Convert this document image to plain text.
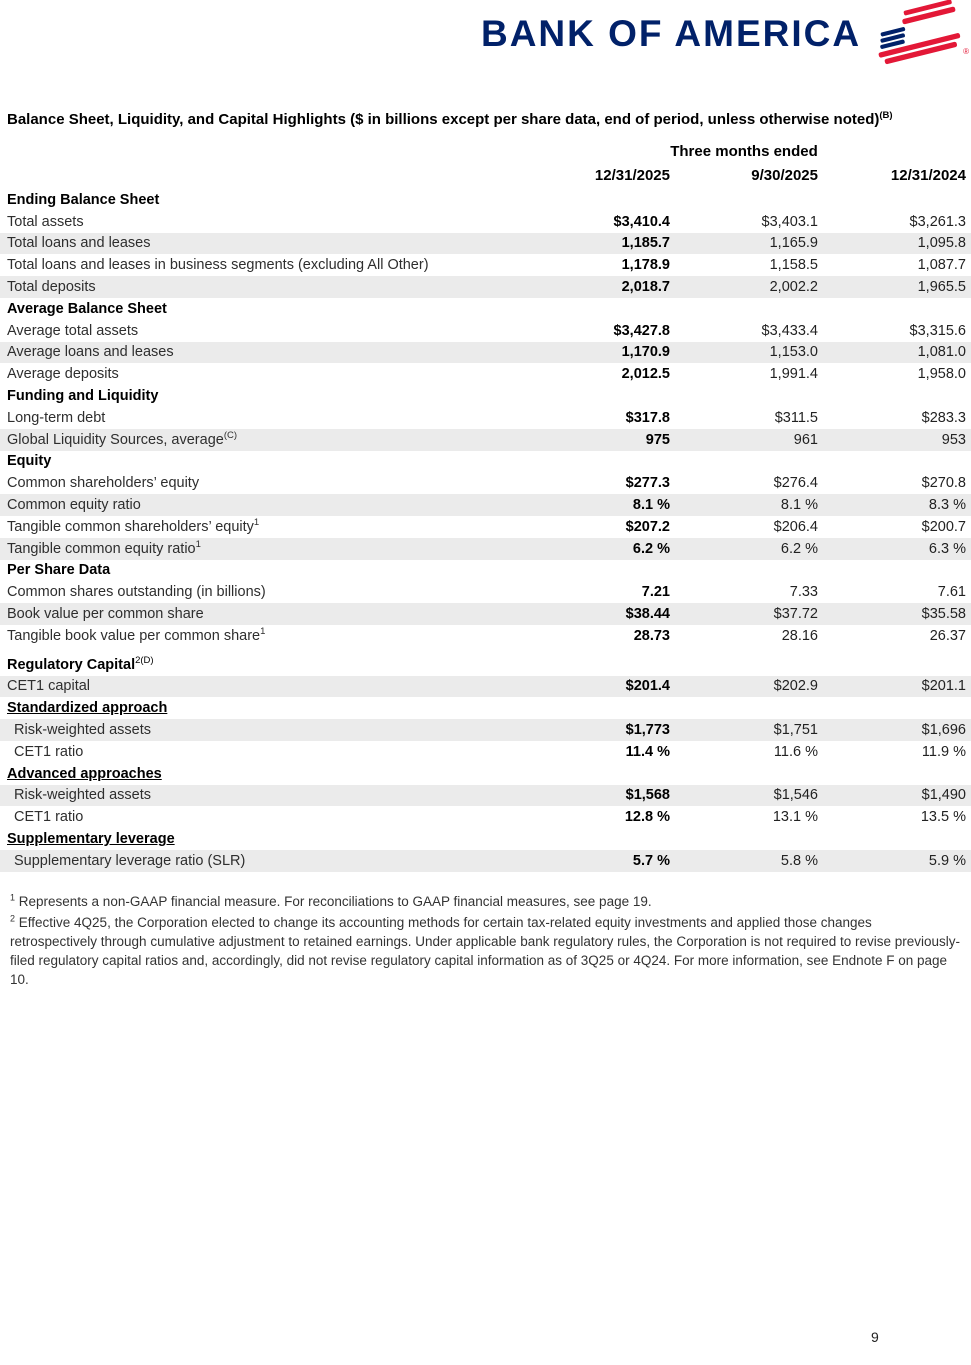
BANK OF AMERICA	®
Balance Sheet, Liquidity, and Capital Highlights ($ in billions except per share data, end of period, unless otherwise noted)$^{(B)}$
Three months ended
12/31/2025	9/30/2025	12/31/2024
Ending Balance Sheet
Total assets	$3,410.4	$3,403.1	$3,261.3
Total loans and leases	1,185.7	1,165.9	1,095.8
Total loans and leases in business segments (excluding All Other)	1,178.9	1,158.5	1,087.7
Total deposits	2,018.7	2,002.2	1,965.5
Average Balance Sheet
Average total assets	$3,427.8	$3,433.4	$3,315.6
Average loans and leases	1,170.9	1,153.0	1,081.0
Average deposits	2,012.5	1,991.4	1,958.0
Funding and Liquidity
Long-term debt	$317.8	$311.5	$283.3
Global Liquidity Sources, average$^{(C)}$	975	961	953
Equity
Common shareholders’ equity	$277.3	$276.4	$270.8
Common equity ratio	8.1 %	8.1 %	8.3 %
Tangible common shareholders’ equity$^1$	$207.2	$206.4	$200.7
Tangible common equity ratio$^1$	6.2 %	6.2 %	6.3 %
Per Share Data
Common shares outstanding (in billions)	7.21	7.33	7.61
Book value per common share	$38.44	$37.72	$35.58
Tangible book value per common share$^1$	28.73	28.16	26.37
Regulatory Capital$^{2(D)}$
CET1 capital	$201.4	$202.9	$201.1
Standardized approach
Risk-weighted assets	$1,773	$1,751	$1,696
CET1 ratio	11.4 %	11.6 %	11.9 %
Advanced approaches
Risk-weighted assets	$1,568	$1,546	$1,490
CET1 ratio	12.8 %	13.1 %	13.5 %
Supplementary leverage
Supplementary leverage ratio (SLR)	5.7 %	5.8 %	5.9 %
$^1$ Represents a non-GAAP financial measure. For reconciliations to GAAP financial measures, see page 19.
$^2$ Effective 4Q25, the Corporation elected to change its accounting methods for certain tax-related equity investments and applied those changes retrospectively through cumulative adjustment to retained earnings. Under applicable bank regulatory rules, the Corporation is not required to revise previously-filed regulatory capital ratios and, accordingly, did not revise regulatory capital information as of 3Q25 or 4Q24. For more information, see Endnote F on page 10.
9
